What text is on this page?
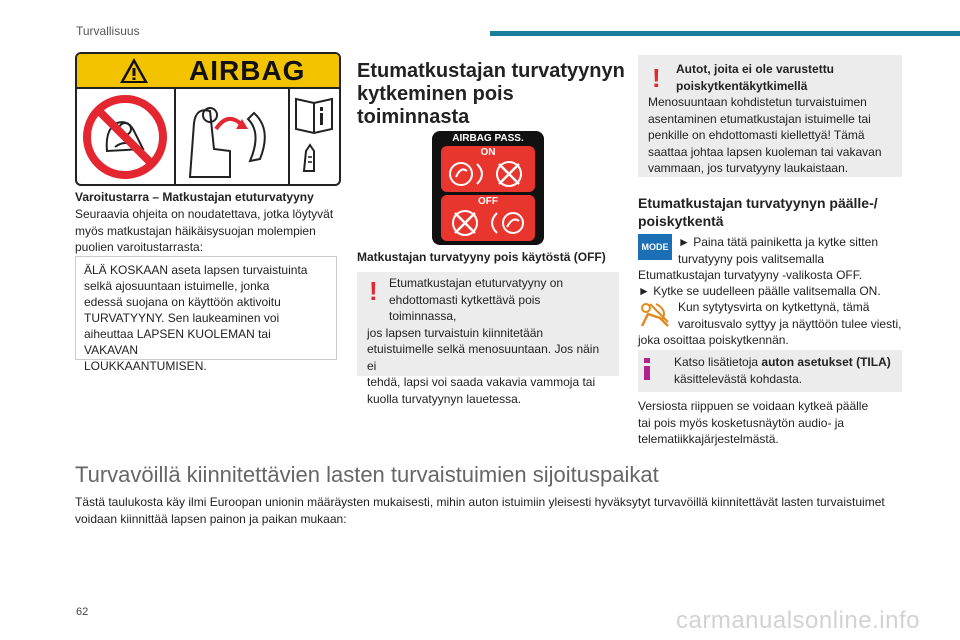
Turvallisuus
AIRBAG
Varoitustarra – Matkustajan etuturvatyyny
Seuraavia ohjeita on noudatettava, jotka löytyvät
myös matkustajan häikäisysuojan molempien
puolien varoitustarrasta:
ÄLÄ KOSKAAN aseta lapsen turvaistuinta
selkä ajosuuntaan istuimelle, jonka
edessä suojana on käyttöön aktivoitu
TURVATYYNY. Sen laukeaminen voi
aiheuttaa LAPSEN KUOLEMAN tai VAKAVAN
LOUKKAANTUMISEN.
Etumatkustajan turvatyynyn
kytkeminen pois
toiminnasta
AIRBAG PASS.
ON
OFF
Matkustajan turvatyyny pois käytöstä (OFF)
! Etumatkustajan etuturvatyyny on
ehdottomasti kytkettävä pois toiminnassa,
jos lapsen turvaistuin kiinnitetään
etuistuimelle selkä menosuuntaan. Jos näin ei
tehdä, lapsi voi saada vakavia vammoja tai
kuolla turvatyynyn lauetessa.
!	Autot, joita ei ole varustettu
poiskytkentäkytkimellä
Menosuuntaan kohdistetun turvaistuimen
asentaminen etumatkustajan istuimelle tai
penkille on ehdottomasti kiellettyä! Tämä
saattaa johtaa lapsen kuoleman tai vakavan
vammaan, jos turvatyyny laukaistaan.
Etumatkustajan turvatyynyn päälle-/
poiskytkentä
MODE ► Paina tätä painiketta ja kytke sitten
turvatyyny pois valitsemalla
Etumatkustajan turvatyyny -valikosta OFF.
► Kytke se uudelleen päälle valitsemalla ON.
Kun sytytysvirta on kytkettynä, tämä
varoitusvalo syttyy ja näyttöön tulee viesti,
joka osoittaa poiskytkennän.
Katso lisätietoja auton asetukset (TILA)
käsittelevästä kohdasta.
Versiosta riippuen se voidaan kytkeä päälle
tai pois myös kosketusnäytön audio- ja
telematiikkajärjestelmästä.
Turvavöillä kiinnitettävien lasten turvaistuimien sijoituspaikat
Tästä taulukosta käy ilmi Euroopan unionin määräysten mukaisesti, mihin auton istuimiin yleisesti hyväksytyt turvavöillä kiinnitettävät lasten turvaistuimet
voidaan kiinnittää lapsen painon ja paikan mukaan:
62	carmanualsonline.info
